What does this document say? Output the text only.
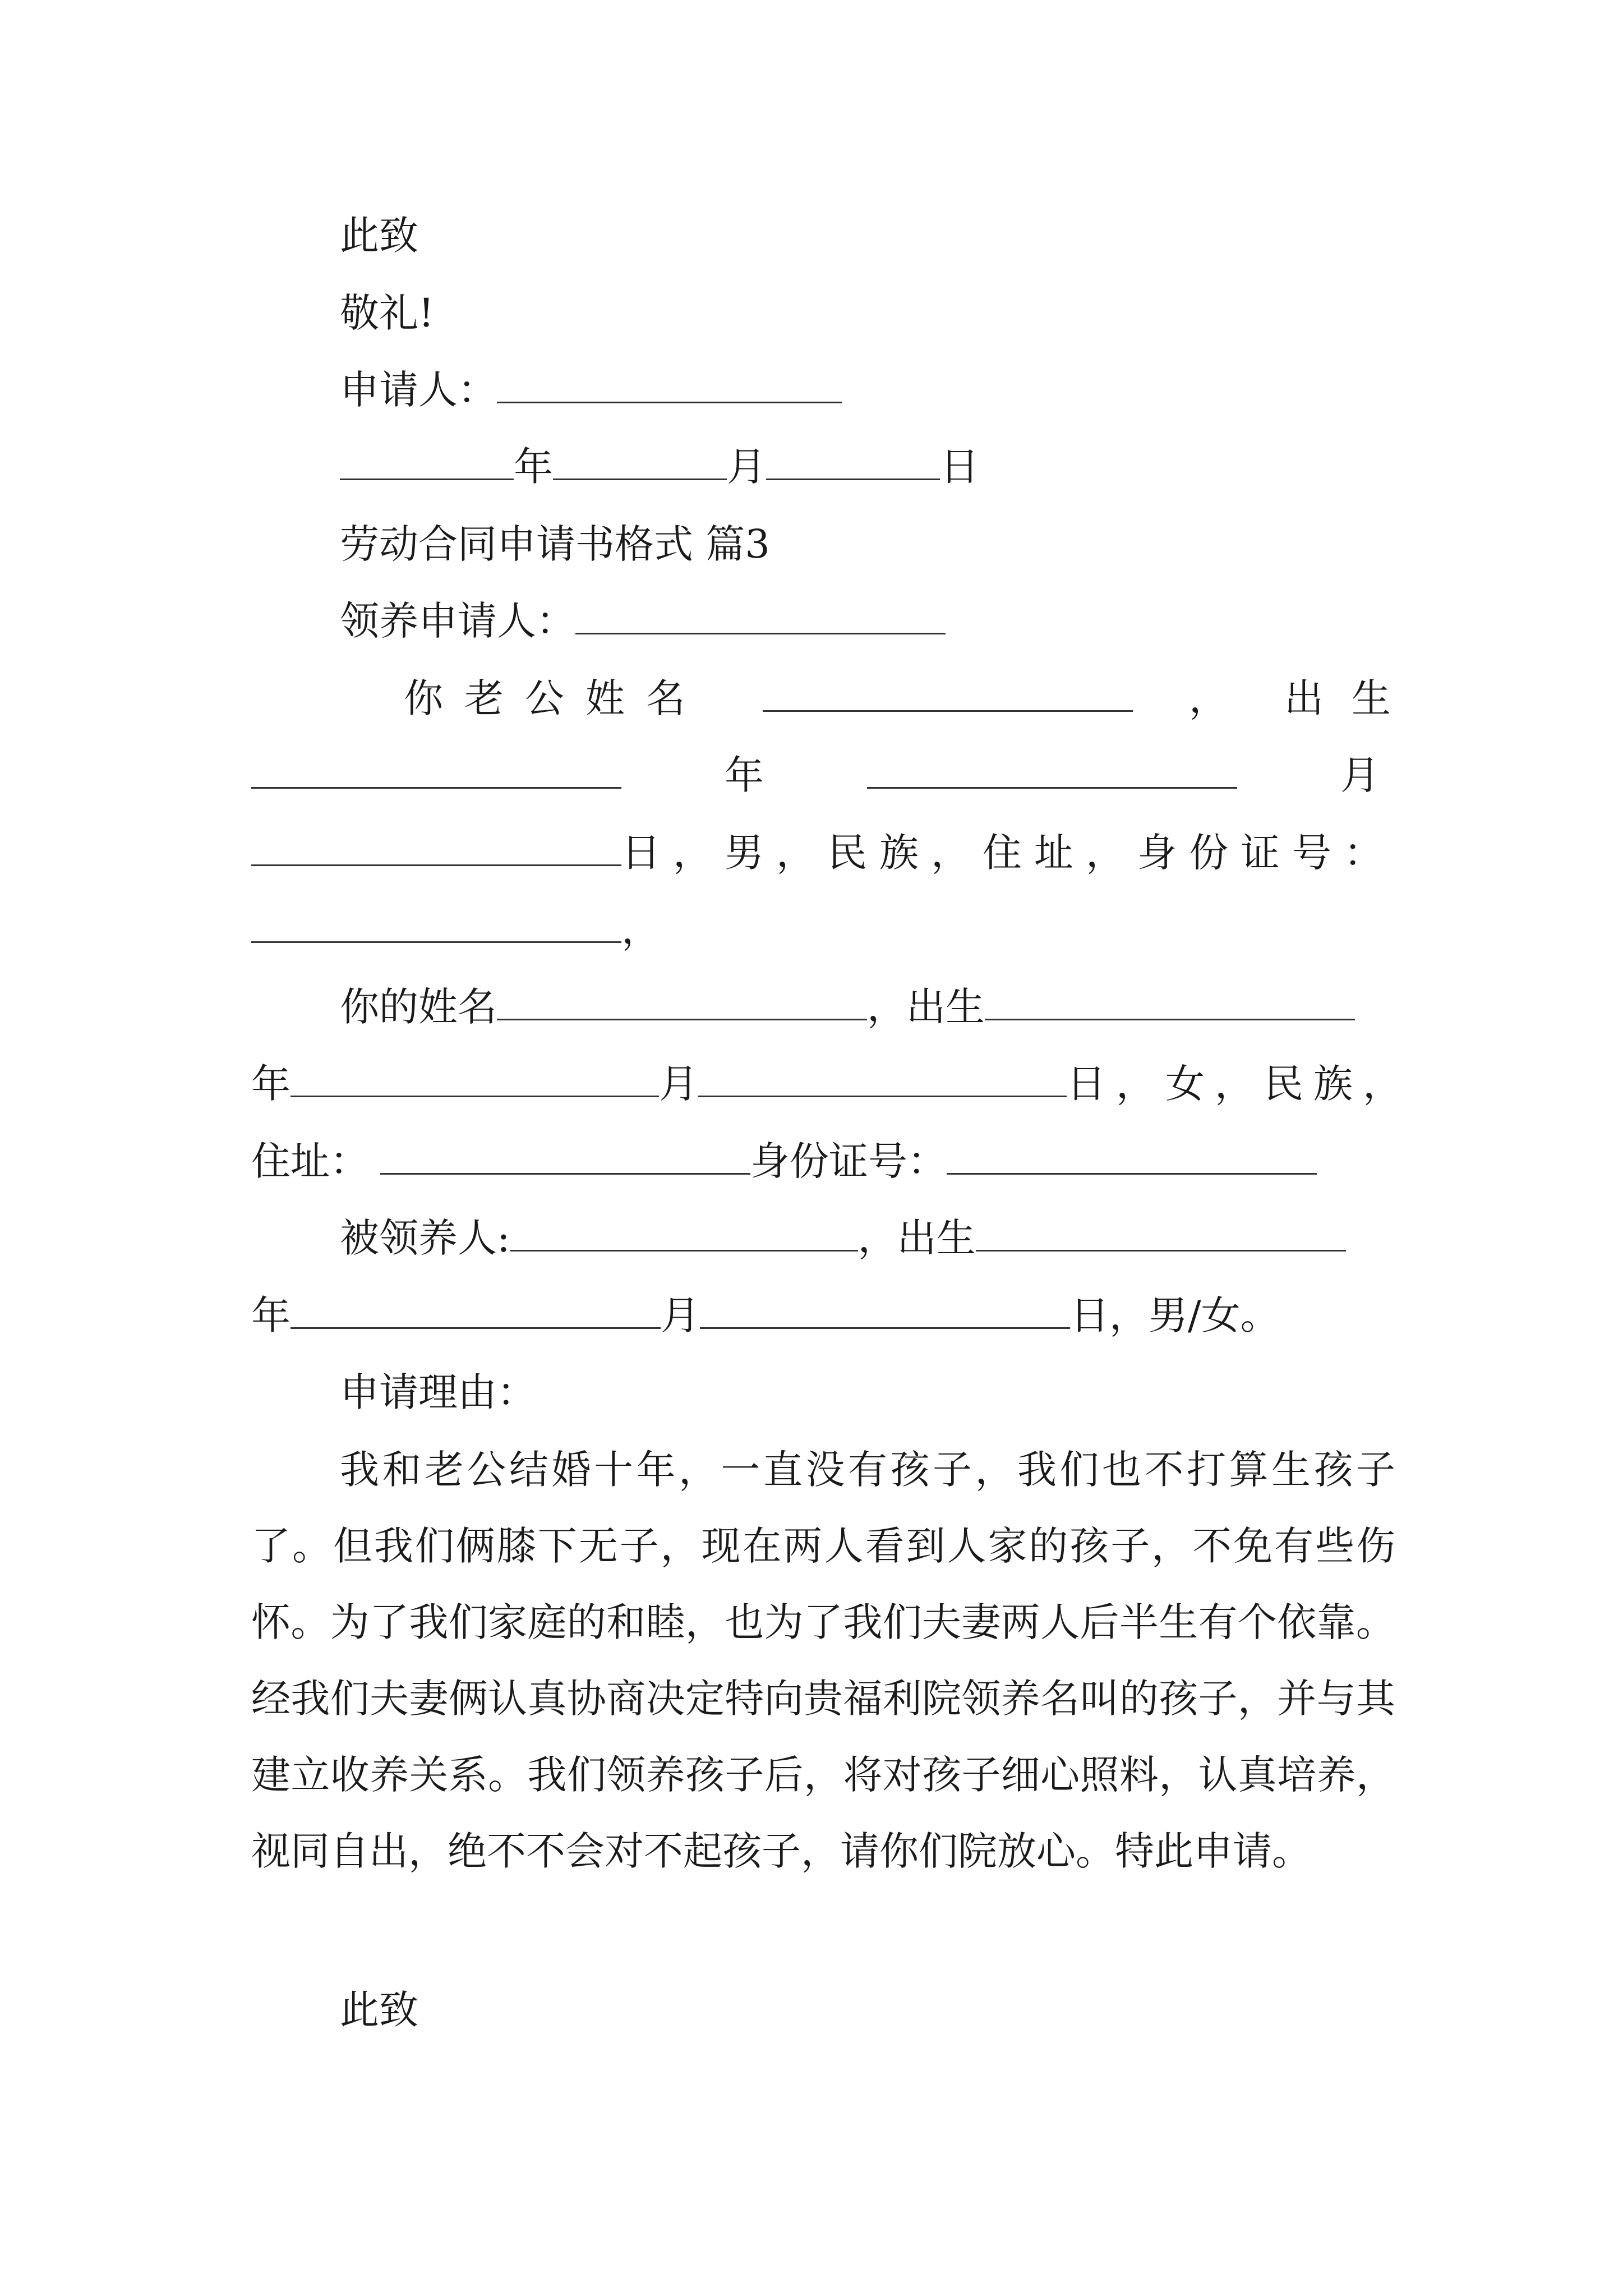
此致
敬礼!
申请人：
年	月	日
劳动合同申请书格式 篇3
领养申请人：
你老公姓名	， 出生
年	月
日，男，民族，住址，身份证号：
，
你的姓名	，出生
年	月	日，女，民族，
住址：	身份证号：
被领养人:	，出生
年	月	日，男/女。
申请理由：

我和老公结婚十年，一直没有孩子，我们也不打算生孩子了。但我们俩膝下无子，现在两人看到人家的孩子，不免有些伤怀。为了我们家庭的和睦，也为了我们夫妻两人后半生有个依靠。经我们夫妻俩认真协商决定特向贵福利院领养名叫的孩子，并与其建立收养关系。我们领养孩子后，将对孩子细心照料，认真培养，视同自出，绝不不会对不起孩子，请你们院放心。特此申请。

此致
